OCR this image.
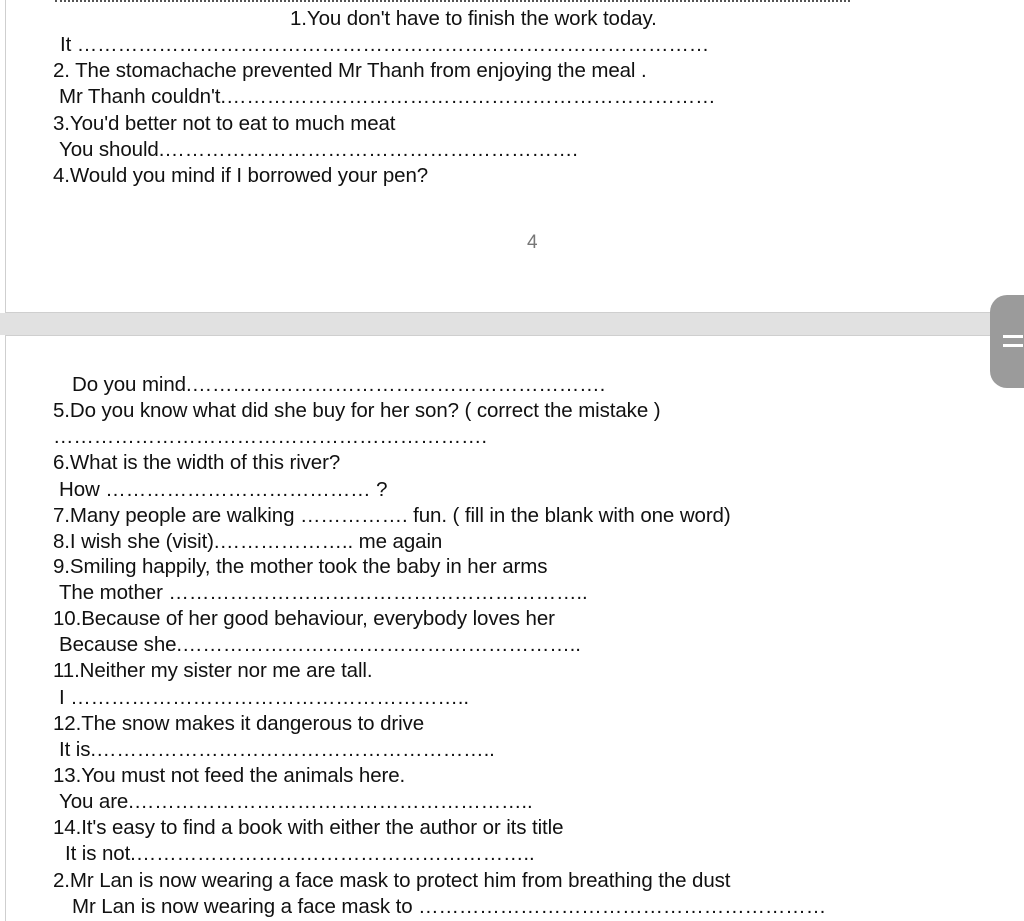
1.You don't have to finish the work today.
It …………………………………………………………………………………
2. The stomachache prevented Mr Thanh from enjoying the meal .
Mr Thanh couldn't.………………………………………………………………
3.You'd better not to eat to much meat
You should.…………………………………………………….
4.Would you mind if I borrowed your pen?
4
Do you mind.…………………………………………………….
5.Do you know what did she buy for her son? ( correct the mistake )
……………………………………………………….
6.What is the width of this river?
How ………………………………… ?
7.Many people are walking ……………. fun. ( fill in the blank with one word)
8.I wish she (visit).……………….. me again
9.Smiling happily, the mother took the baby in her arms
The mother ……………………………………………………..
10.Because of her good behaviour, everybody loves her
Because she.…………………………………………………..
11.Neither my sister nor me are tall.
I …………………………………………………..
12.The snow makes it dangerous to drive
It is.…………………………………………………..
13.You must not feed the animals here.
You are.…………………………………………………..
14.It's easy to find a book with either the author or its title
It is not.…………………………………………………..
2.Mr Lan is now wearing a face mask to protect him from breathing the dust
Mr Lan is now wearing a face mask to ……………………………………………………
